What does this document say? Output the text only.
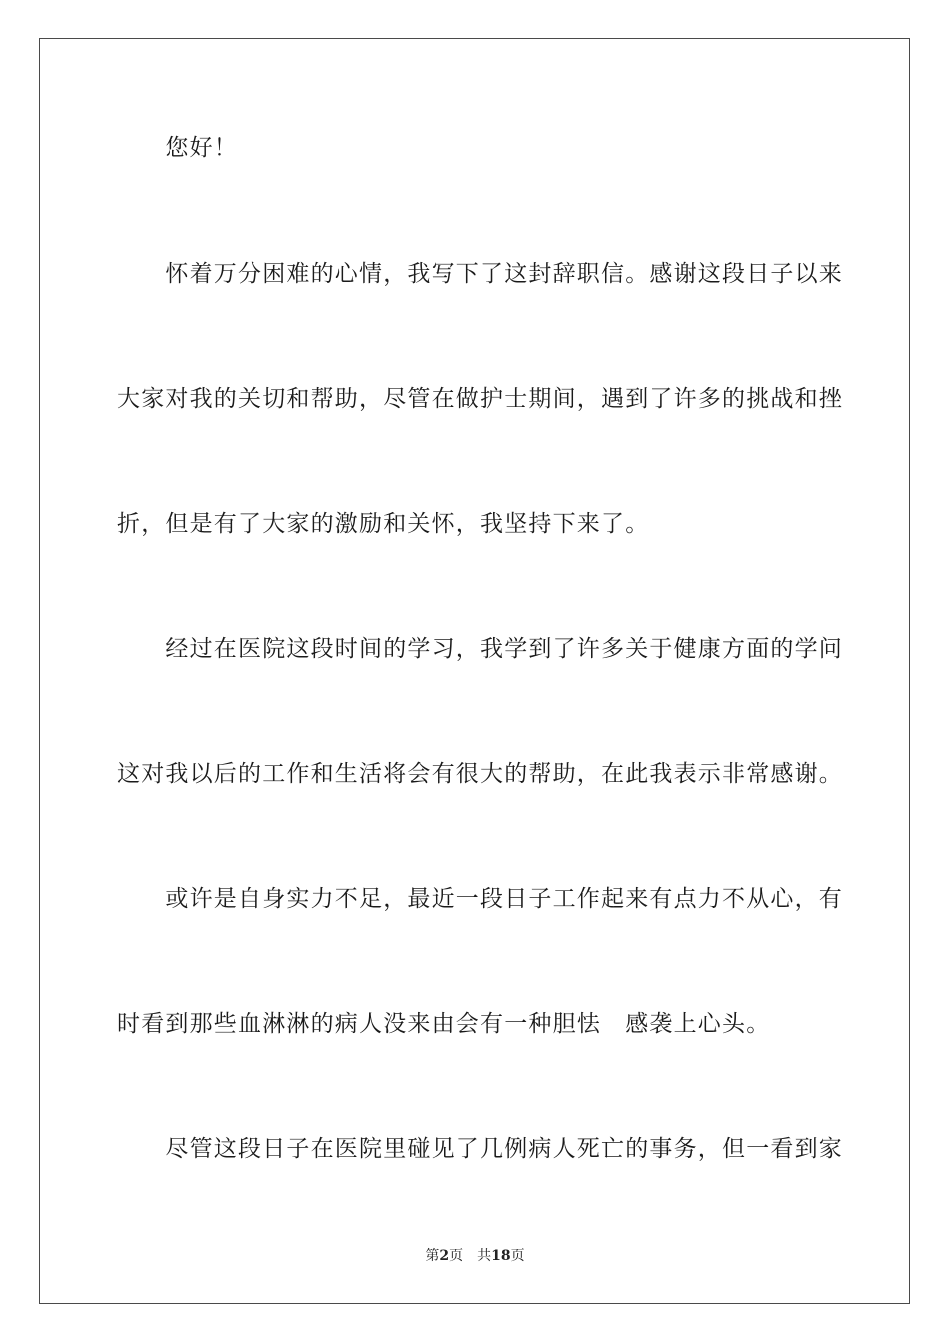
　　您好！
　　怀着万分困难的心情，我写下了这封辞职信。感谢这段日子以来
大家对我的关切和帮助，尽管在做护士期间，遇到了许多的挑战和挫
折，但是有了大家的激励和关怀，我坚持下来了。
　　经过在医院这段时间的学习，我学到了许多关于健康方面的学问
这对我以后的工作和生活将会有很大的帮助，在此我表示非常感谢。
　　或许是自身实力不足，最近一段日子工作起来有点力不从心，有
时看到那些血淋淋的病人没来由会有一种胆怯　感袭上心头。
　　尽管这段日子在医院里碰见了几例病人死亡的事务，但一看到家
第2页 共18页
